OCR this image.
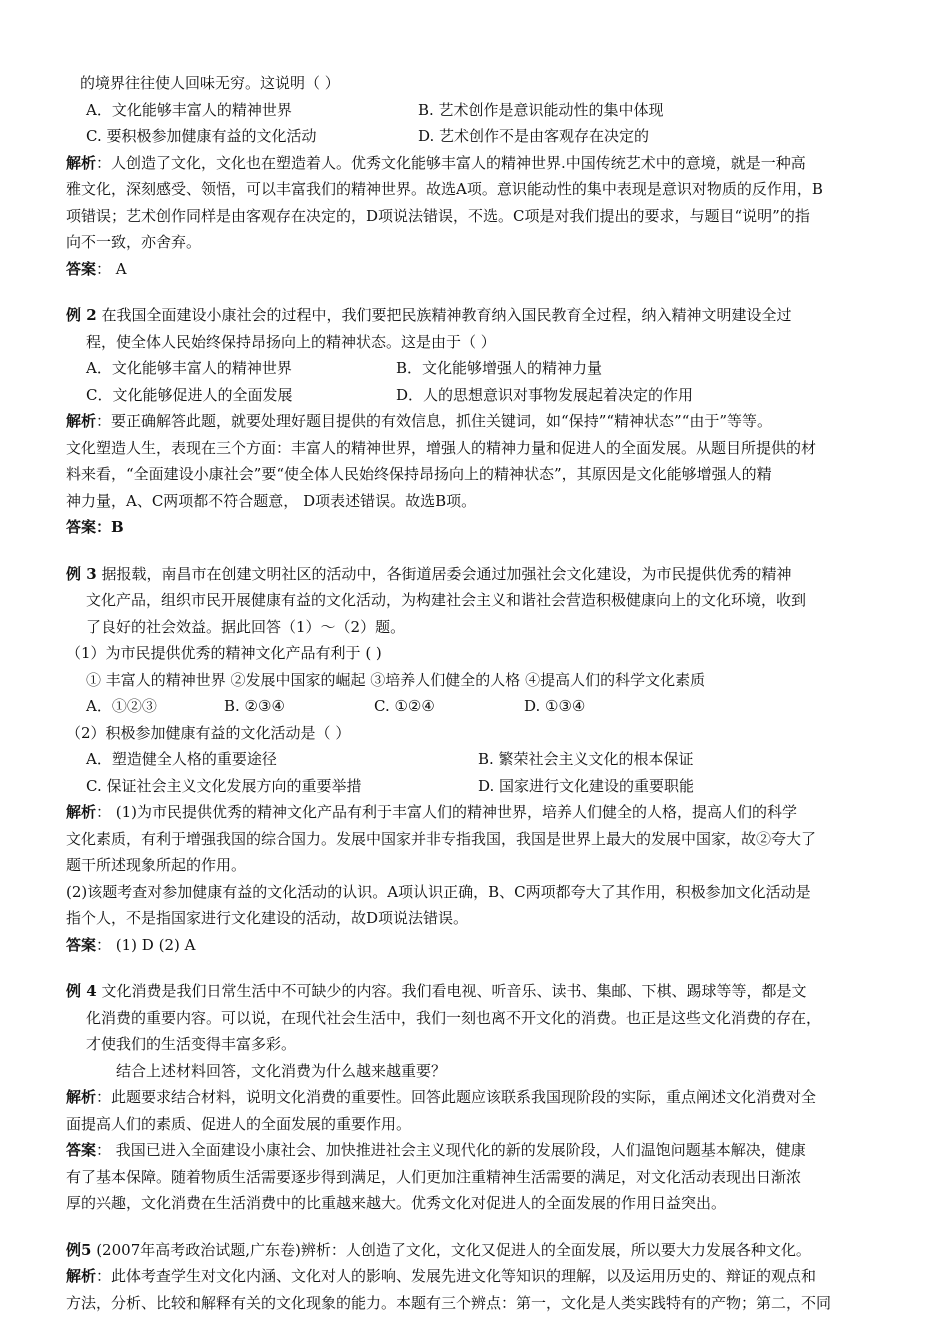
的境界往往使人回味无穷。这说明（ ）
A．文化能够丰富人的精神世界	B. 艺术创作是意识能动性的集中体现
C. 要积极参加健康有益的文化活动	D. 艺术创作不是由客观存在决定的
解析：人创造了文化，文化也在塑造着人。优秀文化能够丰富人的精神世界.中国传统艺术中的意境，就是一种高
雅文化，深刻感受、领悟，可以丰富我们的精神世界。故选A项。意识能动性的集中表现是意识对物质的反作用，B
项错误；艺术创作同样是由客观存在决定的，D项说法错误，不选。C项是对我们提出的要求，与题目“说明”的指
向不一致，亦舍弃。
答案： A
例 2 在我国全面建设小康社会的过程中，我们要把民族精神教育纳入国民教育全过程，纳入精神文明建设全过
程，使全体人民始终保持昂扬向上的精神状态。这是由于（ ）
A．文化能够丰富人的精神世界	B．文化能够增强人的精神力量
C．文化能够促进人的全面发展	D．人的思想意识对事物发展起着决定的作用
解析：要正确解答此题，就要处理好题目提供的有效信息，抓住关键词，如“保持”“精神状态”“由于”等等。
文化塑造人生，表现在三个方面：丰富人的精神世界，增强人的精神力量和促进人的全面发展。从题目所提供的材
料来看，“全面建设小康社会”要“使全体人民始终保持昂扬向上的精神状态”，其原因是文化能够增强人的精
神力量，A、C两项都不符合题意， D项表述错误。故选B项。
答案：B
例 3 据报载，南昌市在创建文明社区的活动中，各街道居委会通过加强社会文化建设，为市民提供优秀的精神
文化产品，组织市民开展健康有益的文化活动，为构建社会主义和谐社会营造积极健康向上的文化环境，收到
了良好的社会效益。据此回答（1）～（2）题。
（1）为市民提供优秀的精神文化产品有利于 ( )
① 丰富人的精神世界 ②发展中国家的崛起 ③培养人们健全的人格 ④提高人们的科学文化素质
A．①②③	B. ②③④	C. ①②④	D. ①③④
（2）积极参加健康有益的文化活动是（ ）
A．塑造健全人格的重要途径	B. 繁荣社会主义文化的根本保证
C. 保证社会主义文化发展方向的重要举措	D. 国家进行文化建设的重要职能
解析： (1)为市民提供优秀的精神文化产品有利于丰富人们的精神世界，培养人们健全的人格，提高人们的科学
文化素质，有利于增强我国的综合国力。发展中国家并非专指我国，我国是世界上最大的发展中国家，故②夸大了
题干所述现象所起的作用。
(2)该题考查对参加健康有益的文化活动的认识。A项认识正确，B、C两项都夸大了其作用，积极参加文化活动是
指个人，不是指国家进行文化建设的活动，故D项说法错误。
答案： (1) D (2) A
例 4 文化消费是我们日常生活中不可缺少的内容。我们看电视、听音乐、读书、集邮、下棋、踢球等等，都是文
化消费的重要内容。可以说，在现代社会生活中，我们一刻也离不开文化的消费。也正是这些文化消费的存在，
才使我们的生活变得丰富多彩。
结合上述材料回答，文化消费为什么越来越重要？
解析：此题要求结合材料，说明文化消费的重要性。回答此题应该联系我国现阶段的实际，重点阐述文化消费对全
面提高人们的素质、促进人的全面发展的重要作用。
答案： 我国已进入全面建设小康社会、加快推进社会主义现代化的新的发展阶段，人们温饱问题基本解决，健康
有了基本保障。随着物质生活需要逐步得到满足，人们更加注重精神生活需要的满足，对文化活动表现出日渐浓
厚的兴趣，文化消费在生活消费中的比重越来越大。优秀文化对促进人的全面发展的作用日益突出。
例5 (2007年高考政治试题,广东卷)辨析：人创造了文化，文化又促进人的全面发展，所以要大力发展各种文化。
解析：此体考查学生对文化内涵、文化对人的影响、发展先进文化等知识的理解，以及运用历史的、辩证的观点和
方法，分析、比较和解释有关的文化现象的能力。本题有三个辨点：第一，文化是人类实践特有的产物；第二，不同
